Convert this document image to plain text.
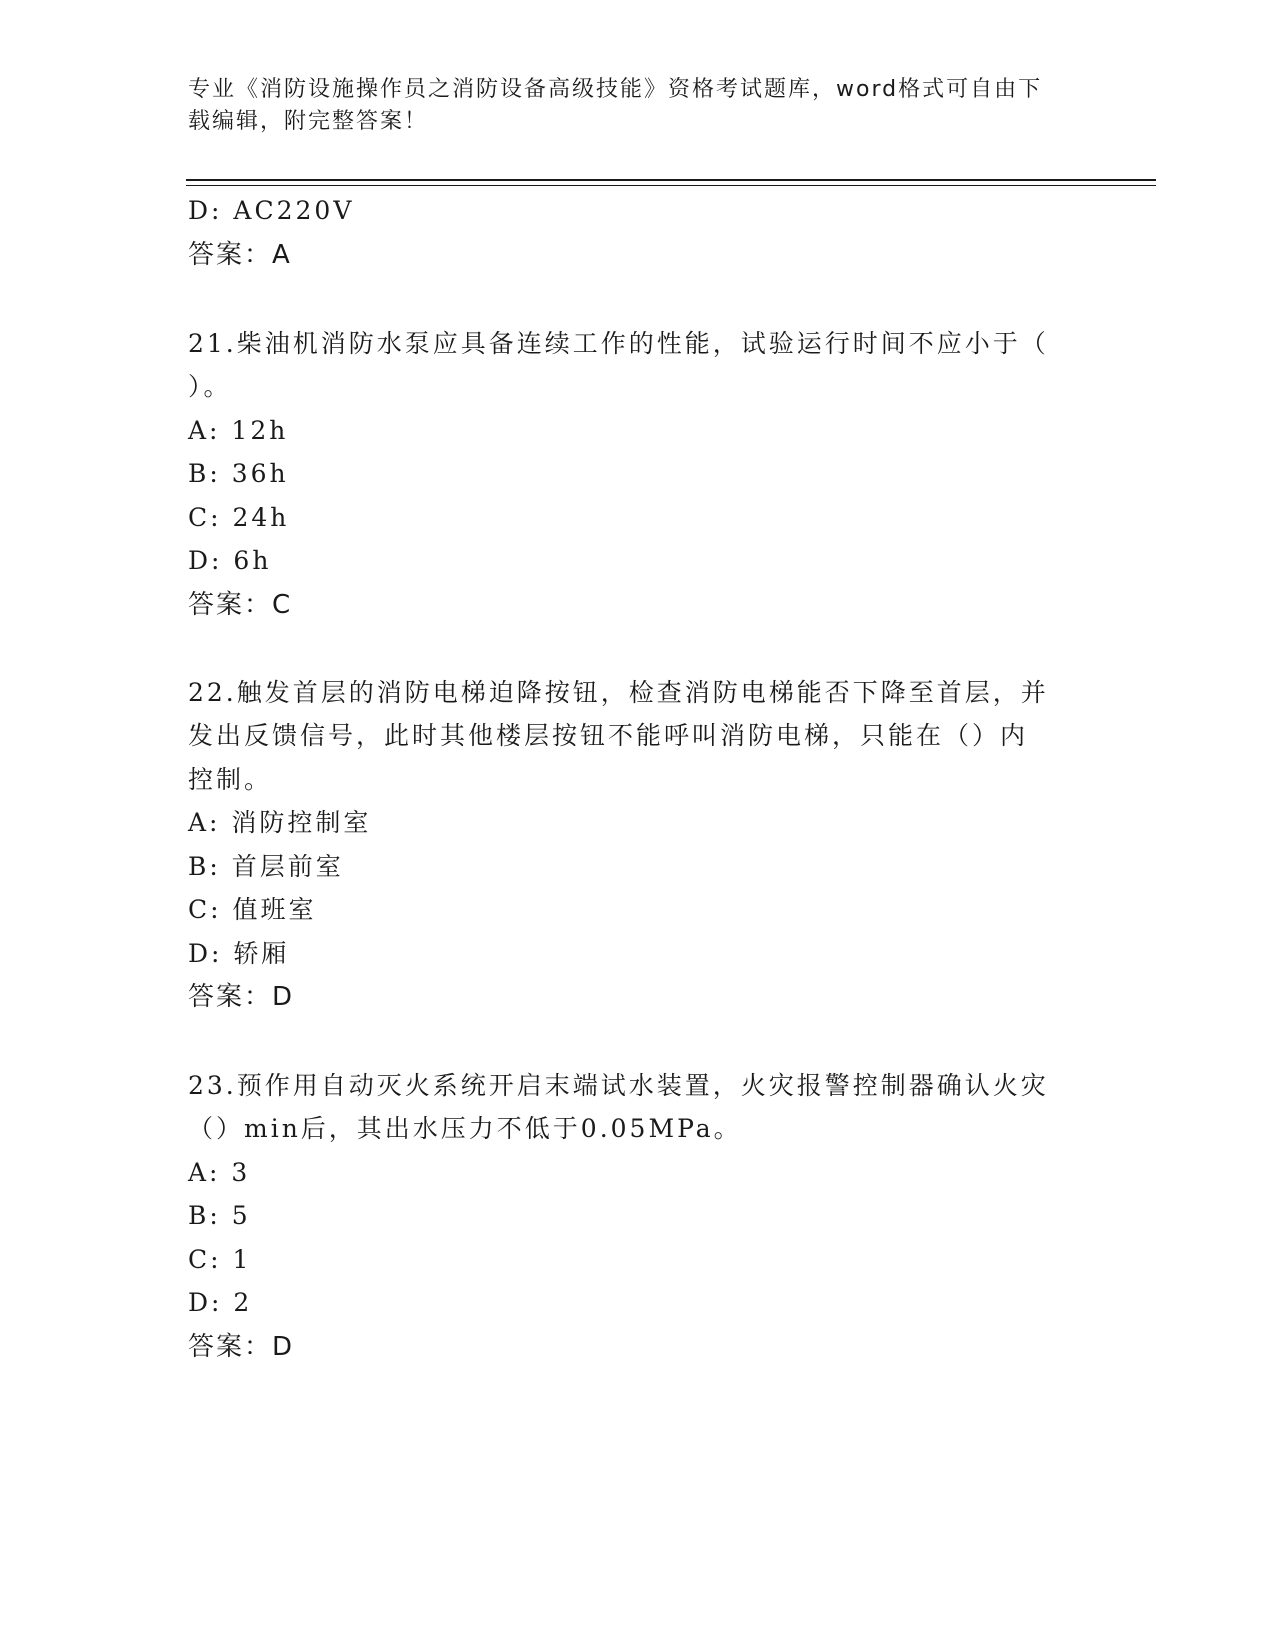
专业《消防设施操作员之消防设备高级技能》资格考试题库，word格式可自由下
载编辑，附完整答案！
D: AC220V
答案：A
21.柴油机消防水泵应具备连续工作的性能，试验运行时间不应小于（
）。
A: 12h
B: 36h
C: 24h
D: 6h
答案：C
22.触发首层的消防电梯迫降按钮，检查消防电梯能否下降至首层，并
发出反馈信号，此时其他楼层按钮不能呼叫消防电梯，只能在（）内
控制。
A: 消防控制室
B: 首层前室
C: 值班室
D: 轿厢
答案：D
23.预作用自动灭火系统开启末端试水装置，火灾报警控制器确认火灾
（）min后，其出水压力不低于0.05MPa。
A: 3
B: 5
C: 1
D: 2
答案：D
